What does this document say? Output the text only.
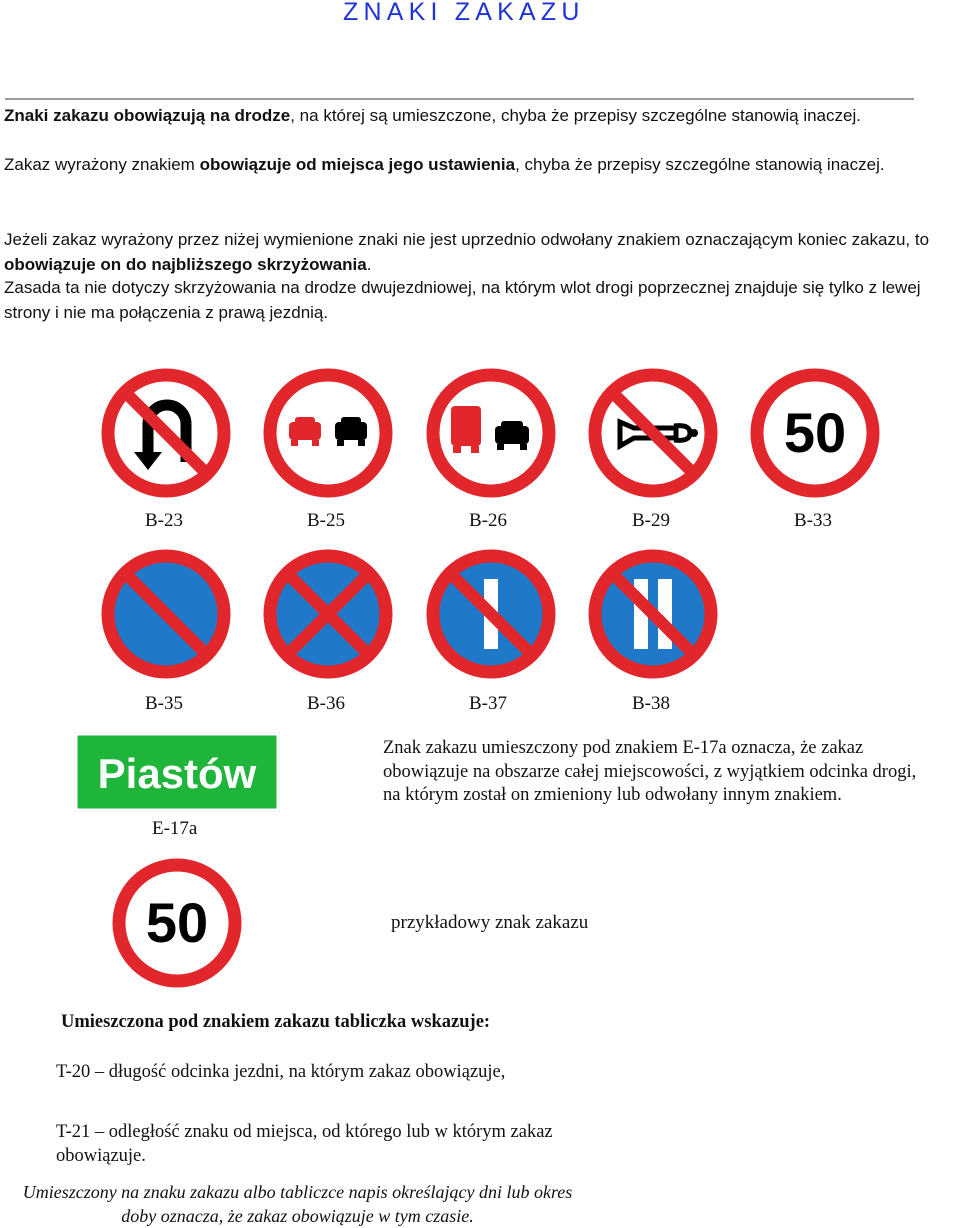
ZNAKI ZAKAZU
Znaki zakazu obowiązują na drodze, na której są umieszczone, chyba że przepisy szczególne stanowią inaczej.
Zakaz wyrażony znakiem obowiązuje od miejsca jego ustawienia, chyba że przepisy szczególne stanowią inaczej.
Jeżeli zakaz wyrażony przez niżej wymienione znaki nie jest uprzednio odwołany znakiem oznaczającym koniec zakazu, to obowiązuje on do najbliższego skrzyżowania.
Zasada ta nie dotyczy skrzyżowania na drodze dwujezdniowej, na którym wlot drogi poprzecznej znajduje się tylko z lewej strony i nie ma połączenia z prawą jezdnią.
50
B-23	B-25	B-26	B-29	B-33
B-35	B-36	B-37	B-38
Piastów
E-17a
Znak zakazu umieszczony pod znakiem E-17a oznacza, że zakaz obowiązuje na obszarze całej miejscowości, z wyjątkiem odcinka drogi, na którym został on zmieniony lub odwołany innym znakiem.
50	przykładowy znak zakazu
Umieszczona pod znakiem zakazu tabliczka wskazuje:
T-20 – długość odcinka jezdni, na którym zakaz obowiązuje,
T-21 – odległość znaku od miejsca, od którego lub w którym zakaz obowiązuje.
Umieszczony na znaku zakazu albo tabliczce napis określający dni lub okres doby oznacza, że zakaz obowiązuje w tym czasie.
